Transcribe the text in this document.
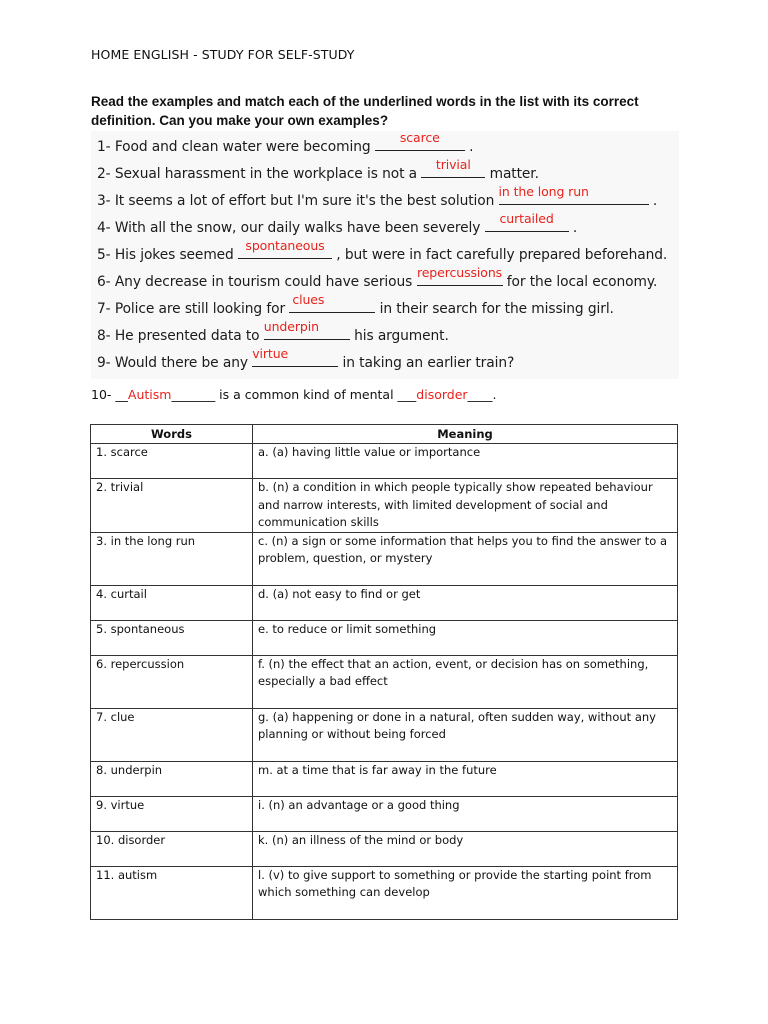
HOME ENGLISH - STUDY FOR SELF-STUDY
Read the examples and match each of the underlined words in the list with its correct definition. Can you make your own examples?
1- Food and clean water were becoming
scarce
.
2- Sexual harassment in the workplace is not a
trivial
matter.
3- It seems a lot of effort but I'm sure it's the best solution
in the long run
.
4- With all the snow, our daily walks have been severely
curtailed
.
5- His jokes seemed
spontaneous
, but were in fact carefully prepared beforehand.
6- Any decrease in tourism could have serious
repercussions
for the local economy.
7- Police are still looking for
clues
in their search for the missing girl.
8- He presented data to
underpin
his argument.
9- Would there be any
virtue
in taking an earlier train?
10- __Autism_______ is a common kind of mental ___disorder____.
Words	Meaning
1. scarce	a. (a) having little value or importance
2. trivial	b. (n) a condition in which people typically show repeated behaviour and narrow interests, with limited development of social and communication skills
3. in the long run	c. (n) a sign or some information that helps you to find the answer to a problem, question, or mystery
4. curtail	d. (a) not easy to find or get
5. spontaneous	e. to reduce or limit something
6. repercussion	f. (n) the effect that an action, event, or decision has on something, especially a bad effect
7. clue	g. (a) happening or done in a natural, often sudden way, without any planning or without being forced
8. underpin	m. at a time that is far away in the future
9. virtue	i. (n) an advantage or a good thing
10. disorder	k. (n) an illness of the mind or body
11. autism	l. (v) to give support to something or provide the starting point from which something can develop
